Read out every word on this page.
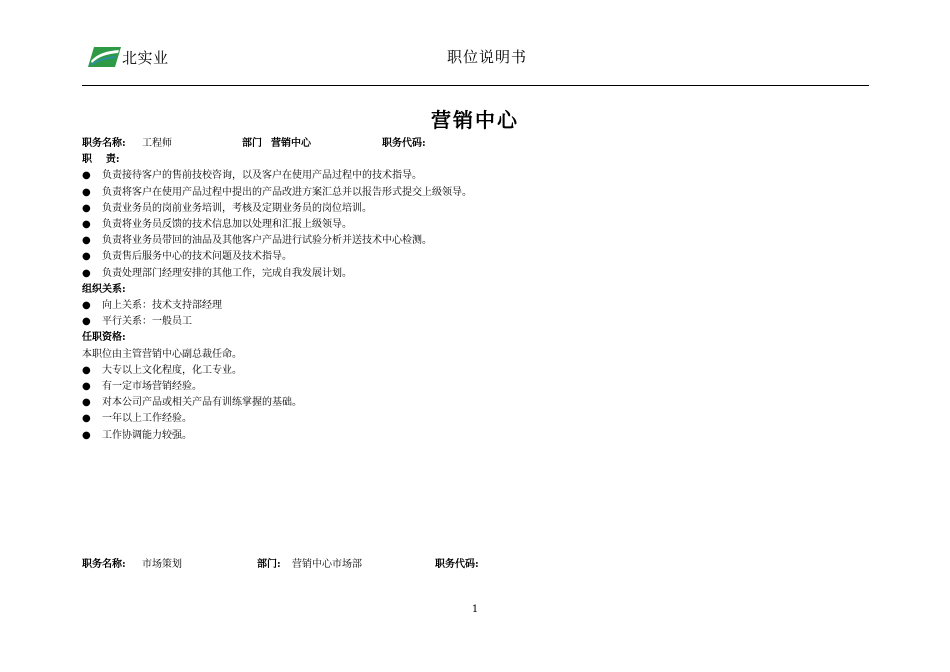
北实业	职位说明书
营销中心
职务名称: 工程师	部门 营销中心	职务代码:
职    责:
●	负责接待客户的售前技校咨询，以及客户在使用产品过程中的技术指导。
●	负责将客户在使用产品过程中提出的产品改进方案汇总并以报告形式提交上级领导。
●	负责业务员的岗前业务培训，考核及定期业务员的岗位培训。
●	负责将业务员反馈的技术信息加以处理和汇报上级领导。
●	负责将业务员带回的油品及其他客户产品进行试验分析并送技术中心检测。
●	负责售后服务中心的技术问题及技术指导。
●	负责处理部门经理安排的其他工作，完成自我发展计划。
组织关系:
●	向上关系：技术支持部经理
●	平行关系：一般员工
任职资格:
本职位由主管营销中心副总裁任命。
●	大专以上文化程度，化工专业。
●	有一定市场营销经验。
●	对本公司产品或相关产品有训练掌握的基础。
●	一年以上工作经验。
●	工作协调能力较强。
职务名称: 市场策划	部门: 营销中心市场部	职务代码:
1
